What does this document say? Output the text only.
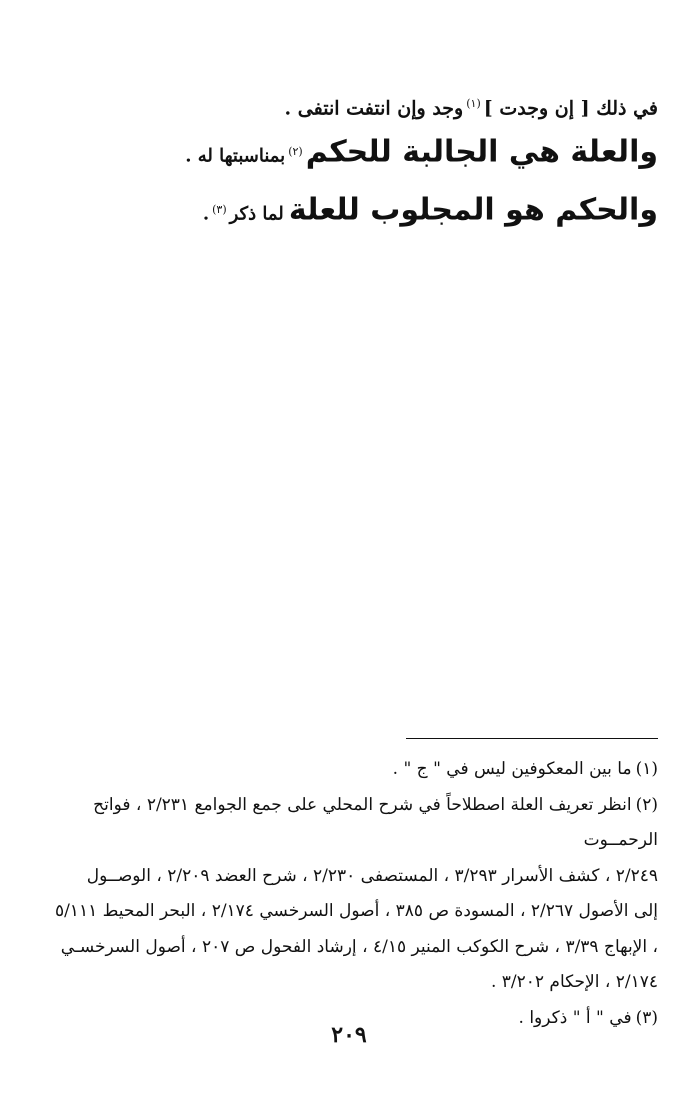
في ذلك [ إن وجدت ]$^{(١)}$وجد وإن انتفت انتفى .

والعلة هي الجالبة للحكم$^{(٢)}$بمناسبتها له .

والحكم هو المجلوب للعلة لما ذكر$^{(٣)}$.

(١)ما بين المعكوفين ليس في " ج " .

(٢)انظر تعريف العلة اصطلاحاً في شرح المحلي على جمع الجوامع ٢/٢٣١ ، فواتح الرحمــوت

٢/٢٤٩ ، كشف الأسرار ٣/٢٩٣ ، المستصفى ٢/٢٣٠ ، شرح العضد ٢/٢٠٩ ، الوصــول

إلى الأصول ٢/٢٦٧ ، المسودة ص ٣٨٥ ، أصول السرخسي ٢/١٧٤ ، البحر المحيط ٥/١١١

، الإبهاج ٣/٣٩ ، شرح الكوكب المنير ٤/١٥ ، إرشاد الفحول ص ٢٠٧ ، أصول السرخسـي

٢/١٧٤ ، الإحكام ٣/٢٠٢ .

(٣)في " أ " ذكروا .

٢٠٩
